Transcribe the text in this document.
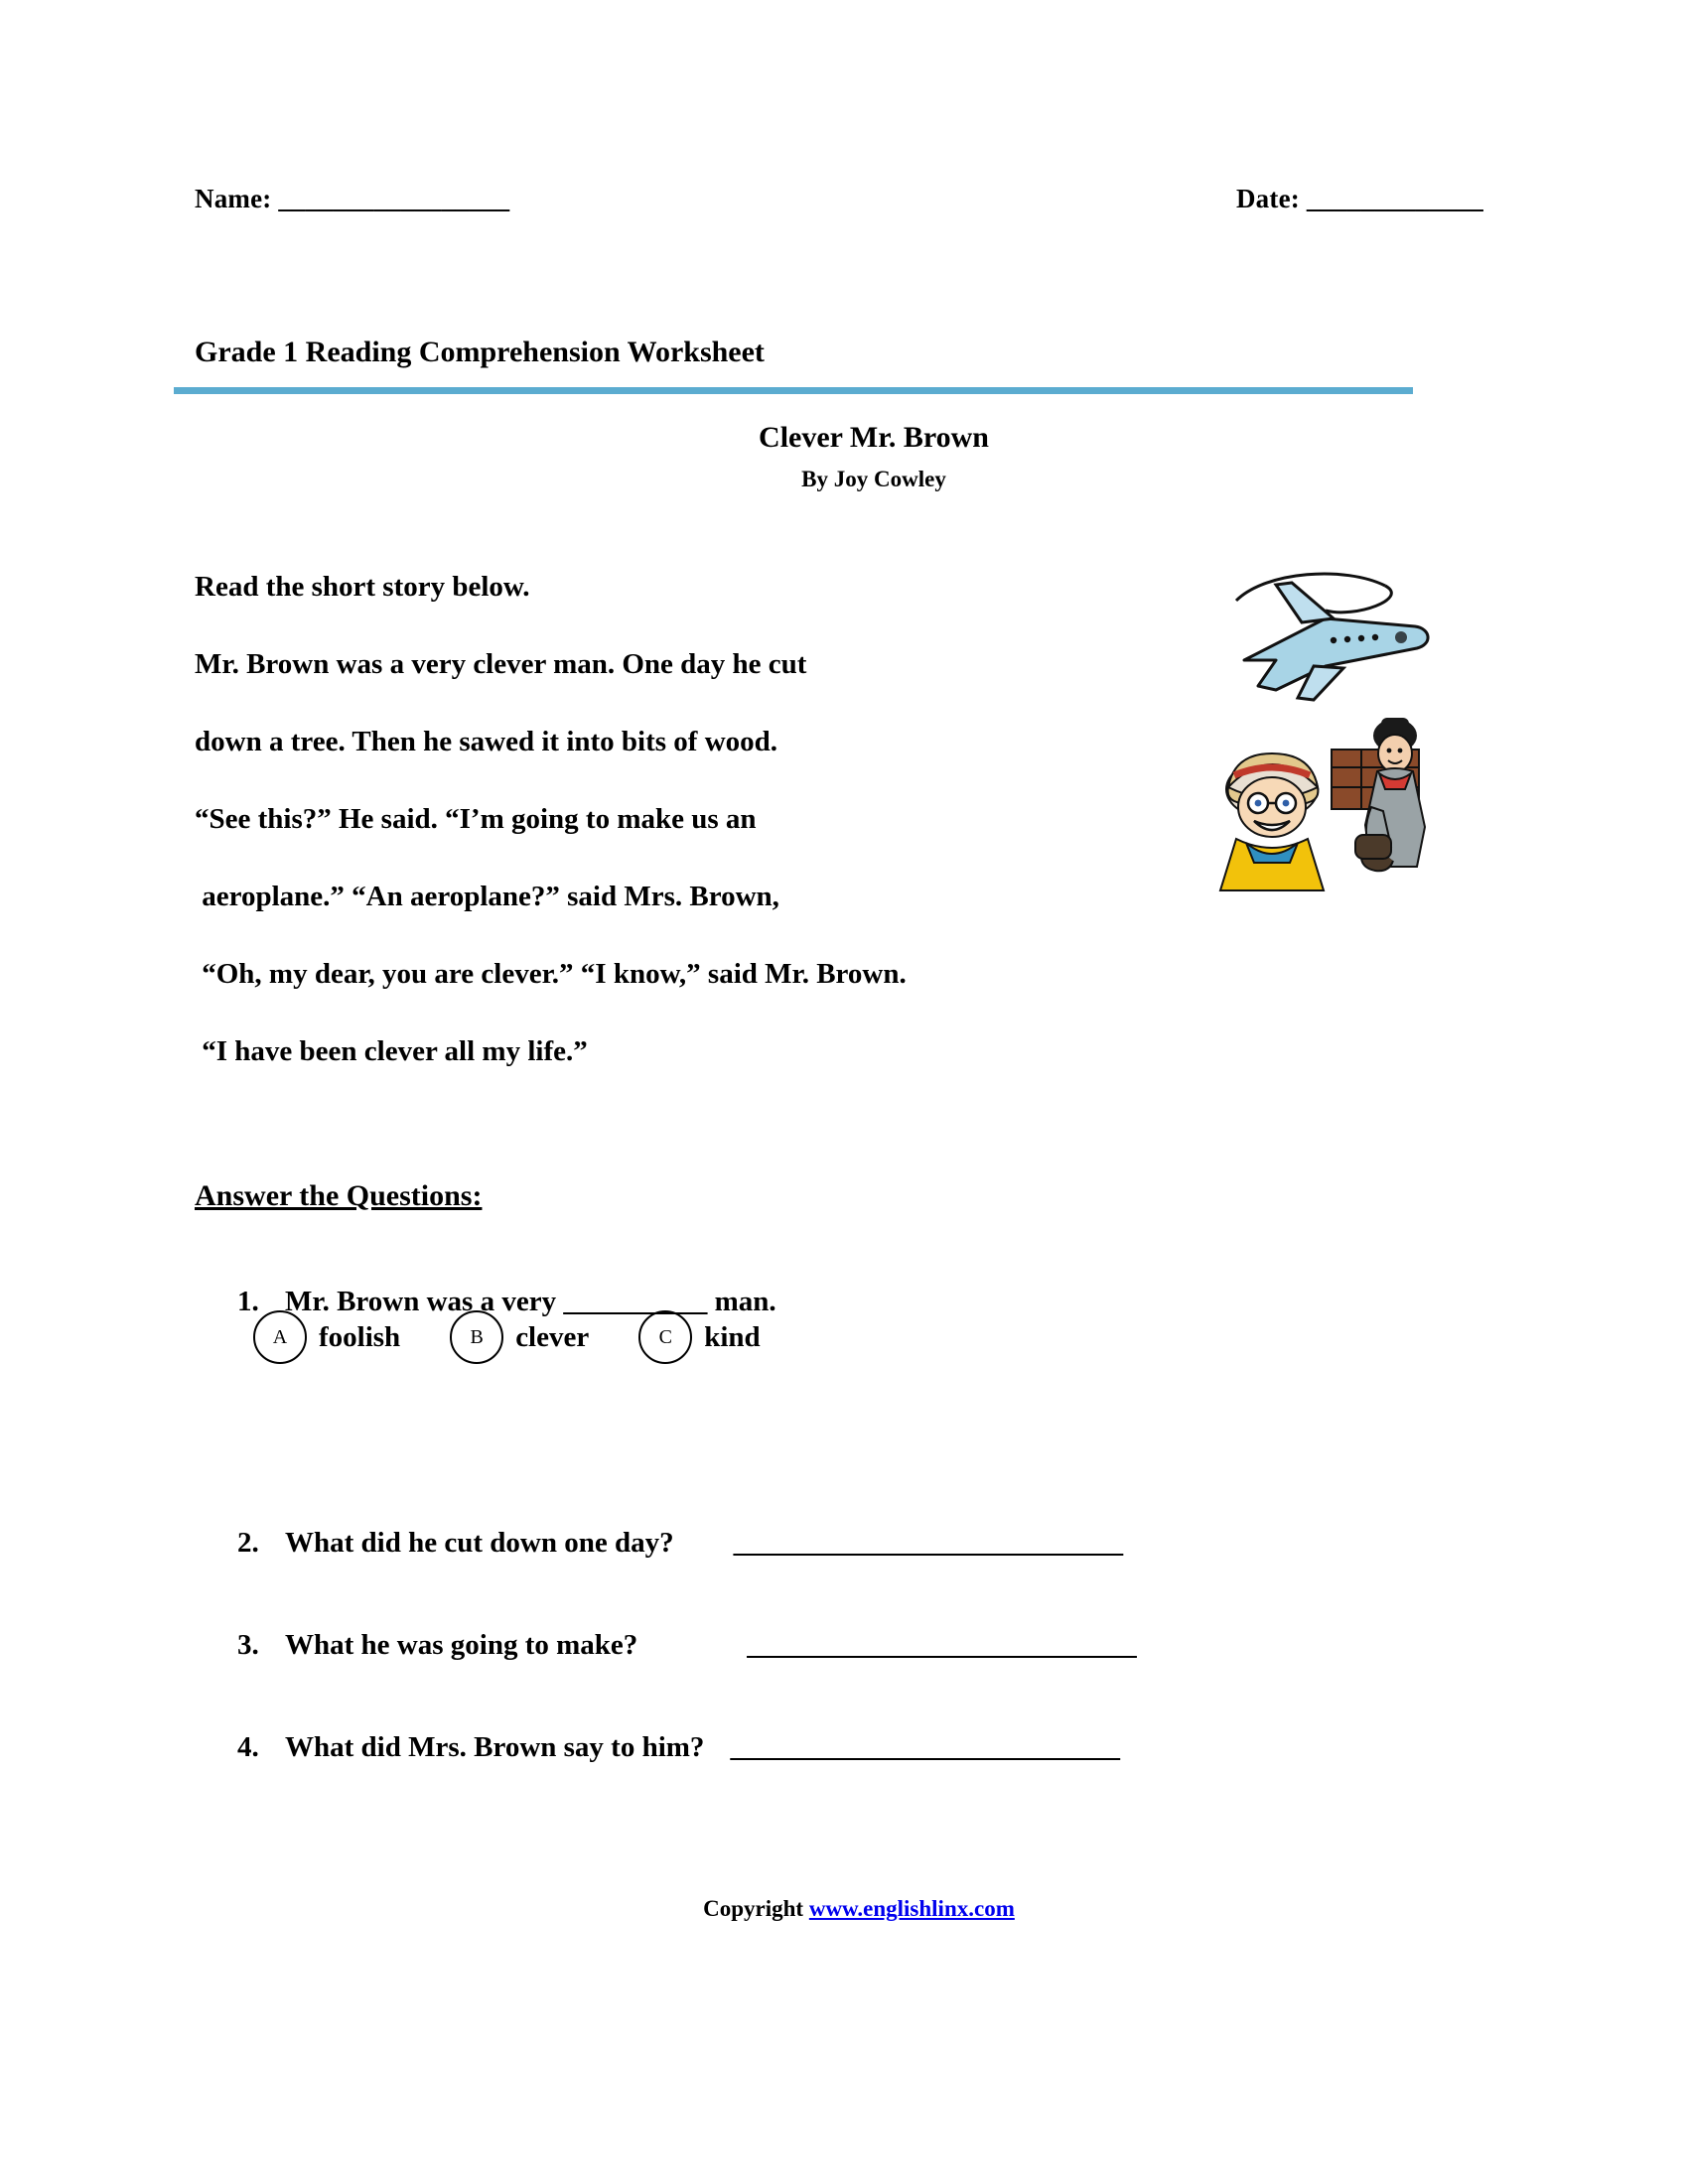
Name: _________________	Date: _____________
Grade 1 Reading Comprehension Worksheet
Clever Mr. Brown
By Joy Cowley
Read the short story below.
Mr. Brown was a very clever man. One day he cut
down a tree. Then he sawed it into bits of wood.
“See this?” He said. “I’m going to make us an
aeroplane.” “An aeroplane?” said Mrs. Brown,
“Oh, my dear, you are clever.” “I know,” said Mr. Brown.
“I have been clever all my life.”
Answer the Questions:

1. Mr. Brown was a very __________ man.

A	foolish	B	clever	C	kind

2. What did he cut down one day? _____________________________

3. What he was going to make?	_____________________________

4. What did Mrs. Brown say to him? _____________________________

Copyright www.englishlinx.com
